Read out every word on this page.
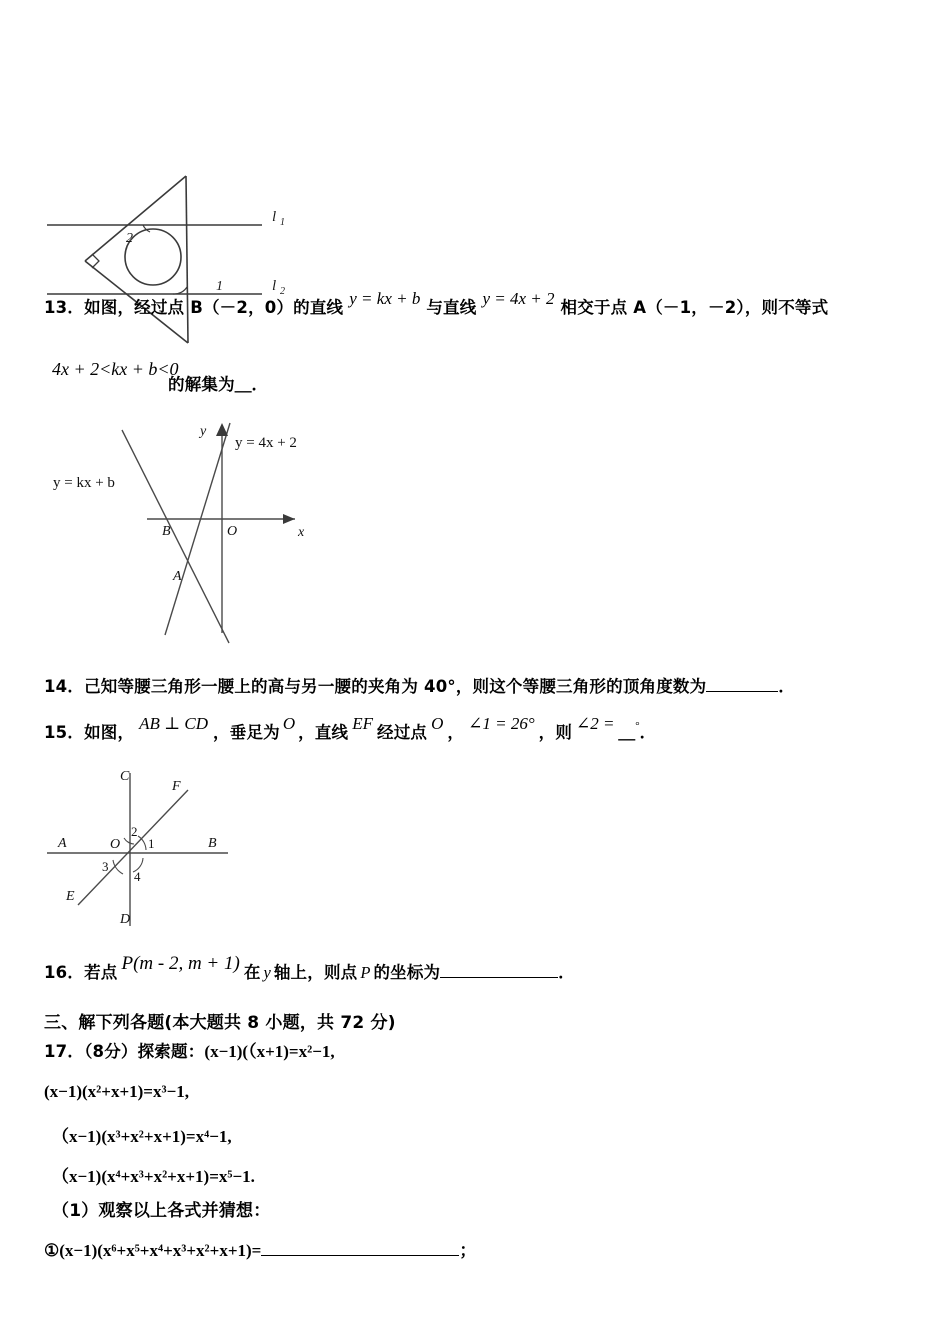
2
1
l 1
l 2
13．如图，经过点 B（－2，0）的直线 y = kx + b 与直线 y = 4x + 2 相交于点 A（－1，－2），则不等式
4x + 2<kx + b<0
的解集为＿．
y
x
O
B
A
y = kx + b
y = 4x + 2
14．己知等腰三角形一腰上的高与另一腰的夹角为 40°，则这个等腰三角形的顶角度数为	．
15．如图， AB ⊥ CD ，垂足为 O ，直线 EF 经过点 O ， ∠1 = 26° ，则 ∠2 = ＿°．
A	B
C
D
E
F
O 1
2
3
4
16．若点 P(m - 2, m + 1) 在 y 轴上，则点 P 的坐标为	．
三、解下列各题(本大题共 8 小题，共 72 分)
17．（8分）探索题：(x−1)(（x+1)=x²−1,
(x−1)(x²+x+1)=x³−1,
（x−1)(x³+x²+x+1)=x⁴−1,
（x−1)(x⁴+x³+x²+x+1)=x⁵−1.
（1）观察以上各式并猜想：
①(x−1)(x⁶+x⁵+x⁴+x³+x²+x+1)=	；
